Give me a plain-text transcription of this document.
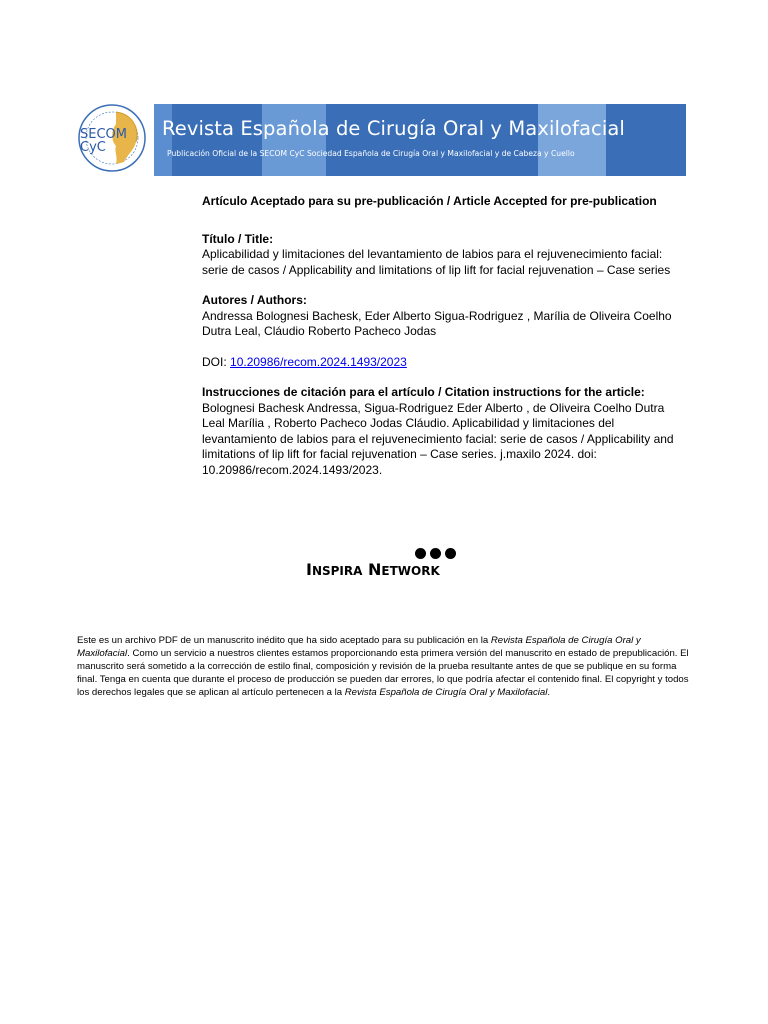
SECOM
CyC
Revista Española de Cirugía Oral y Maxilofacial
Publicación Oficial de la SECOM CyC Sociedad Española de Cirugía Oral y Maxilofacial y de Cabeza y Cuello

Artículo Aceptado para su pre-publicación / Article Accepted for pre-publication

Título / Title:

Aplicabilidad y limitaciones del levantamiento de labios para el rejuvenecimiento facial: serie de casos / Applicability and limitations of lip lift for facial rejuvenation – Case series

Autores / Authors:

Andressa Bolognesi Bachesk, Eder Alberto Sigua-Rodriguez , Marília de Oliveira Coelho Dutra Leal, Cláudio Roberto Pacheco Jodas

DOI: 10.20986/recom.2024.1493/2023

Instrucciones de citación para el artículo / Citation instructions for the article:

Bolognesi Bachesk Andressa, Sigua-Rodriguez Eder Alberto , de Oliveira Coelho Dutra Leal Marília , Roberto Pacheco Jodas Cláudio. Aplicabilidad y limitaciones del levantamiento de labios para el rejuvenecimiento facial: serie de casos / Applicability and limitations of lip lift for facial rejuvenation – Case series. j.maxilo 2024. doi: 10.20986/recom.2024.1493/2023.

INSPIRA NETWORK

Este es un archivo PDF de un manuscrito inédito que ha sido aceptado para su publicación en la Revista Española de Cirugía Oral y Maxilofacial. Como un servicio a nuestros clientes estamos proporcionando esta primera versión del manuscrito en estado de prepublicación. El manuscrito será sometido a la corrección de estilo final, composición y revisión de la prueba resultante antes de que se publique en su forma final. Tenga en cuenta que durante el proceso de producción se pueden dar errores, lo que podría afectar el contenido final. El copyright y todos los derechos legales que se aplican al artículo pertenecen a la Revista Española de Cirugía Oral y Maxilofacial.
